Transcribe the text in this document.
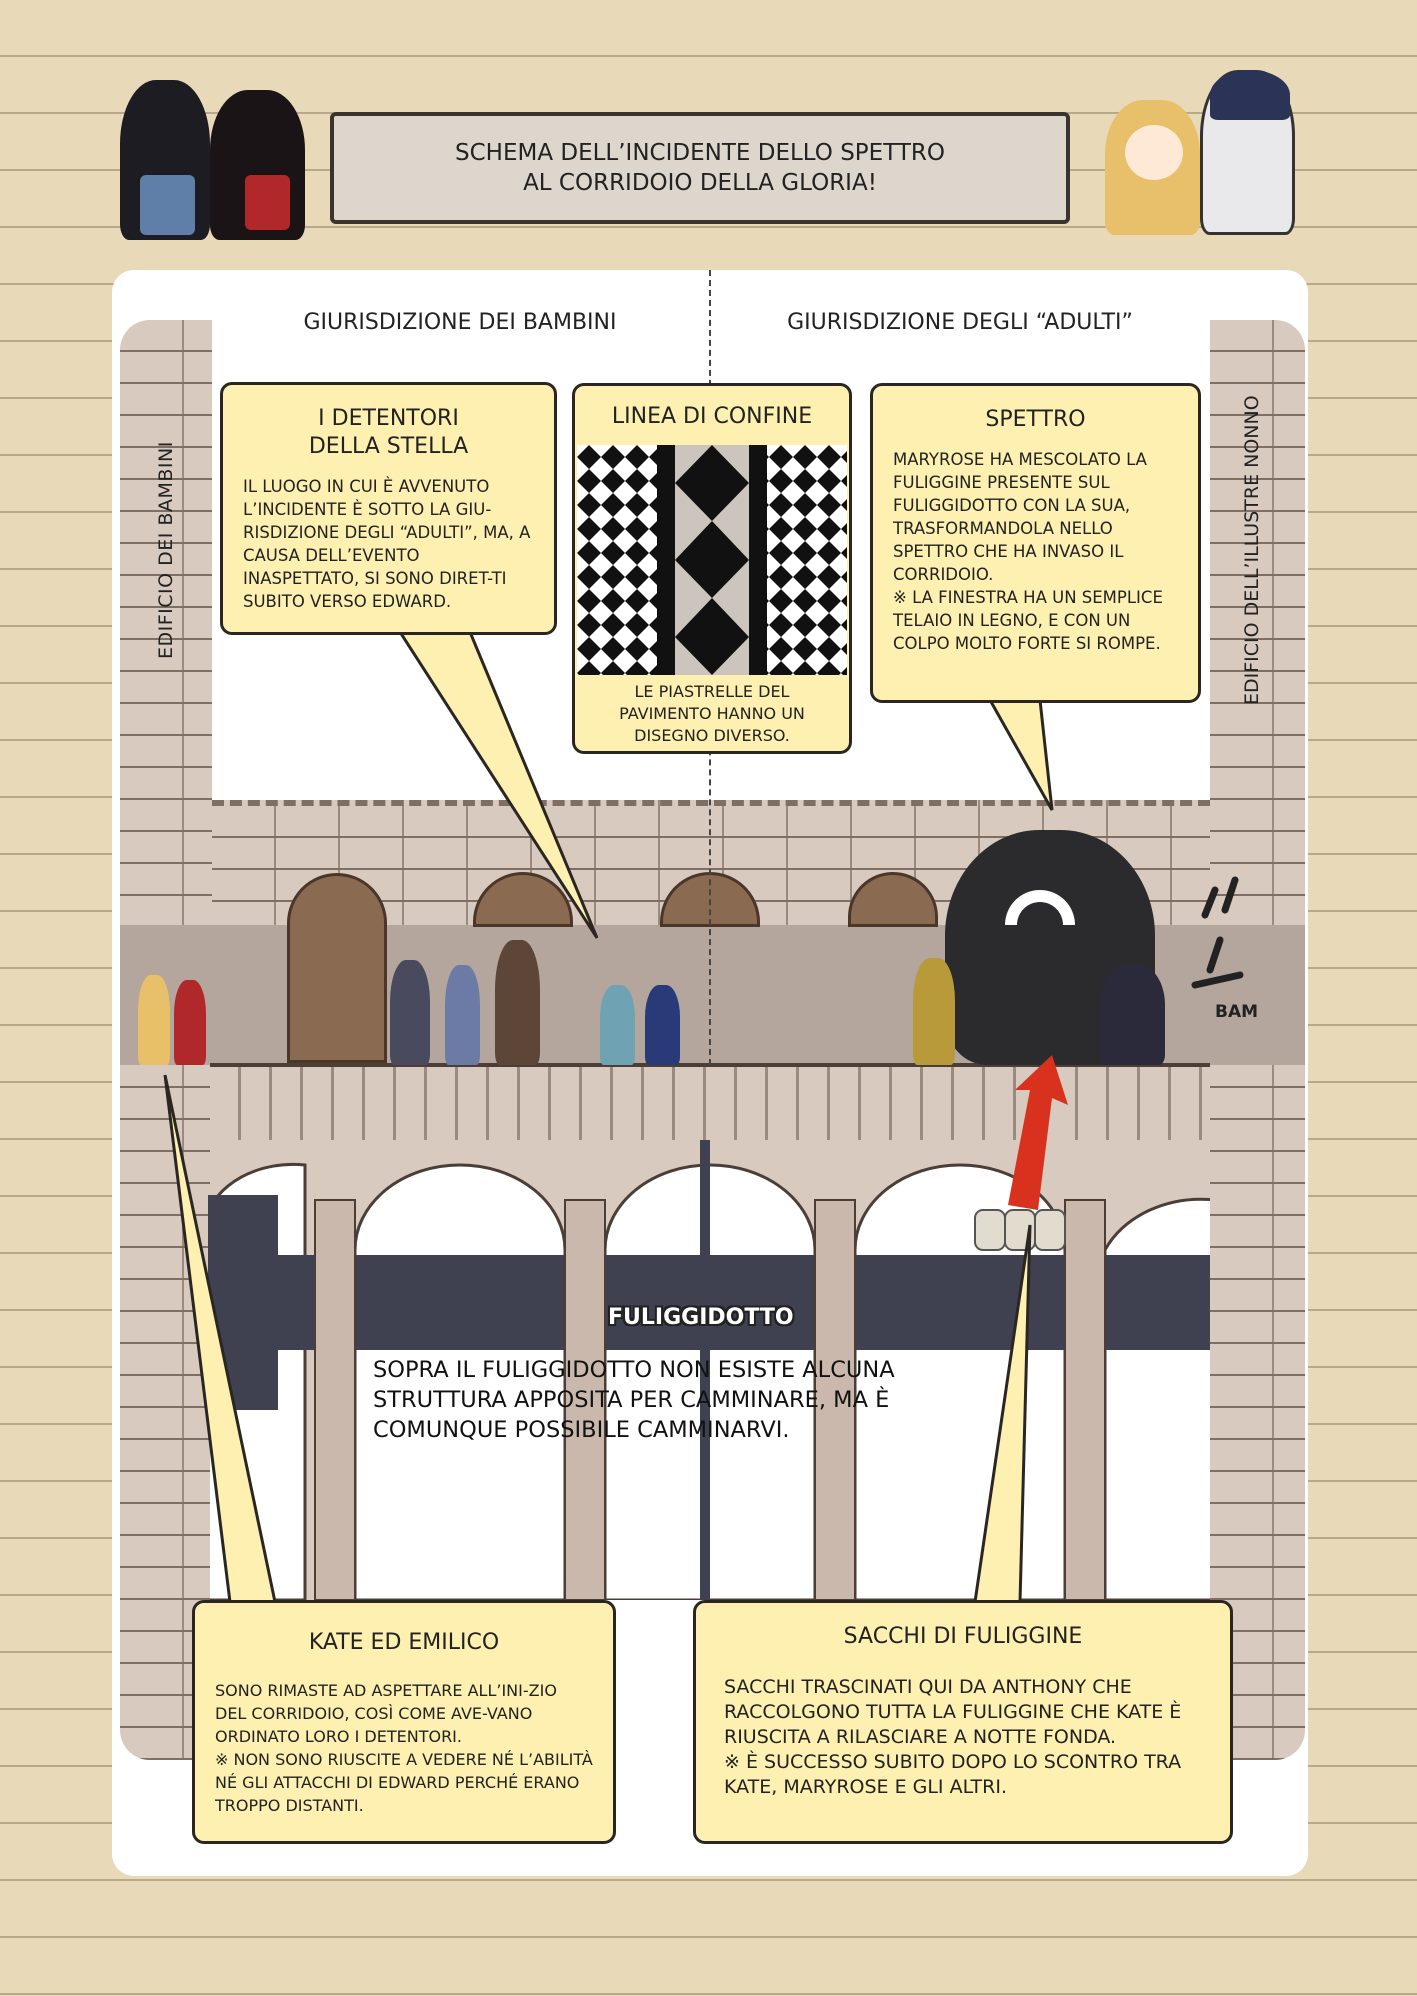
SCHEMA DELL’INCIDENTE DELLO SPETTRO
AL CORRIDOIO DELLA GLORIA!
GIURISDIZIONE DEI BAMBINI	GIURISDIZIONE DEGLI “ADULTI”
EDIFICIO DEI BAMBINI	EDIFICIO DELL’ILLUSTRE NONNO
BAM
I DETENTORI
DELLA STELLA
IL LUOGO IN CUI È AVVENUTO L’INCIDENTE È SOTTO LA GIU-RISDIZIONE DEGLI “ADULTI”, MA, A CAUSA DELL’EVENTO INASPETTATO, SI SONO DIRET-TI SUBITO VERSO EDWARD.
LINEA DI CONFINE
LE PIASTRELLE DEL PAVIMENTO HANNO UN DISEGNO DIVERSO.
SPETTRO
MARYROSE HA MESCOLATO LA FULIGGINE PRESENTE SUL FULIGGIDOTTO CON LA SUA, TRASFORMANDOLA NELLO SPETTRO CHE HA INVASO IL CORRIDOIO.
※ LA FINESTRA HA UN SEMPLICE TELAIO IN LEGNO, E CON UN COLPO MOLTO FORTE SI ROMPE.
FULIGGIDOTTO
SOPRA IL FULIGGIDOTTO NON ESISTE ALCUNA STRUTTURA APPOSITA PER CAMMINARE, MA È COMUNQUE POSSIBILE CAMMINARVI.
KATE ED EMILICO
SONO RIMASTE AD ASPETTARE ALL’INI-ZIO DEL CORRIDOIO, COSÌ COME AVE-VANO ORDINATO LORO I DETENTORI.
※ NON SONO RIUSCITE A VEDERE NÉ L’ABILITÀ NÉ GLI ATTACCHI DI EDWARD PERCHÉ ERANO TROPPO DISTANTI.
SACCHI DI FULIGGINE
SACCHI TRASCINATI QUI DA ANTHONY CHE RACCOLGONO TUTTA LA FULIGGINE CHE KATE È RIUSCITA A RILASCIARE A NOTTE FONDA.
※ È SUCCESSO SUBITO DOPO LO SCONTRO TRA KATE, MARYROSE E GLI ALTRI.
